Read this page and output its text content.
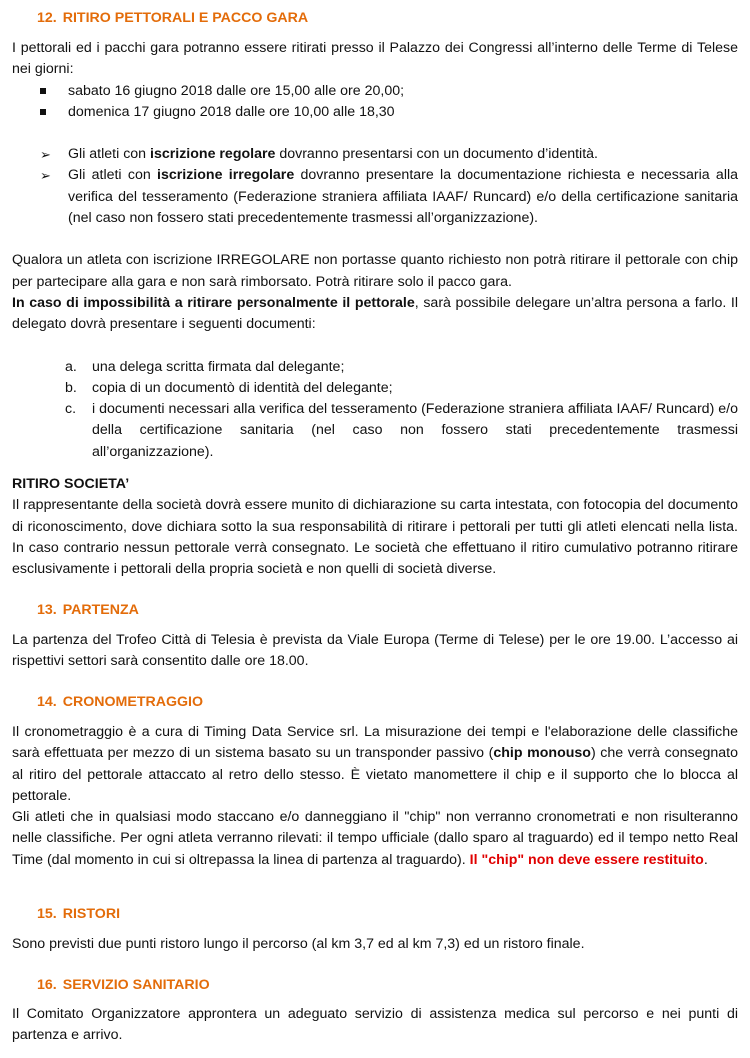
12. RITIRO PETTORALI E PACCO GARA

I pettorali ed i pacchi gara potranno essere ritirati presso il Palazzo dei Congressi all’interno delle Terme di Telese nei giorni:

sabato 16 giugno 2018 dalle ore 15,00 alle ore 20,00;
domenica 17 giugno 2018 dalle ore 10,00 alle 18,30
➢ Gli atleti con iscrizione regolare dovranno presentarsi con un documento d’identità.
➢ Gli atleti con iscrizione irregolare dovranno presentare la documentazione richiesta e necessaria alla verifica del tesseramento (Federazione straniera affiliata IAAF/ Runcard) e/o della certificazione sanitaria (nel caso non fossero stati precedentemente trasmessi all’organizzazione).

Qualora un atleta con iscrizione IRREGOLARE non portasse quanto richiesto non potrà ritirare il pettorale con chip per partecipare alla gara e non sarà rimborsato. Potrà ritirare solo il pacco gara.

In caso di impossibilità a ritirare personalmente il pettorale, sarà possibile delegare un’altra persona a farlo. Il delegato dovrà presentare i seguenti documenti:

a. una delega scritta firmata dal delegante;
b. copia di un documentò di identità del delegante;
c. i documenti necessari alla verifica del tesseramento (Federazione straniera affiliata IAAF/ Runcard) e/o della certificazione sanitaria (nel caso non fossero stati precedentemente trasmessi all’organizzazione).

RITIRO SOCIETA’

Il rappresentante della società dovrà essere munito di dichiarazione su carta intestata, con fotocopia del documento di riconoscimento, dove dichiara sotto la sua responsabilità di ritirare i pettorali per tutti gli atleti elencati nella lista. In caso contrario nessun pettorale verrà consegnato. Le società che effettuano il ritiro cumulativo potranno ritirare esclusivamente i pettorali della propria società e non quelli di società diverse.

13. PARTENZA

La partenza del Trofeo Città di Telesia è prevista da Viale Europa (Terme di Telese) per le ore 19.00. L’accesso ai rispettivi settori sarà consentito dalle ore 18.00.

14. CRONOMETRAGGIO

Il cronometraggio è a cura di Timing Data Service srl. La misurazione dei tempi e l'elaborazione delle classifiche sarà effettuata per mezzo di un sistema basato su un transponder passivo (chip monouso) che verrà consegnato al ritiro del pettorale attaccato al retro dello stesso. È vietato manomettere il chip e il supporto che lo blocca al pettorale.

Gli atleti che in qualsiasi modo staccano e/o danneggiano il "chip" non verranno cronometrati e non risulteranno nelle classifiche. Per ogni atleta verranno rilevati: il tempo ufficiale (dallo sparo al traguardo) ed il tempo netto Real Time (dal momento in cui si oltrepassa la linea di partenza al traguardo). Il "chip" non deve essere restituito.

15. RISTORI

Sono previsti due punti ristoro lungo il percorso (al km 3,7 ed al km 7,3) ed un ristoro finale.

16. SERVIZIO SANITARIO

Il Comitato Organizzatore approntera un adeguato servizio di assistenza medica sul percorso e nei punti di partenza e arrivo.
